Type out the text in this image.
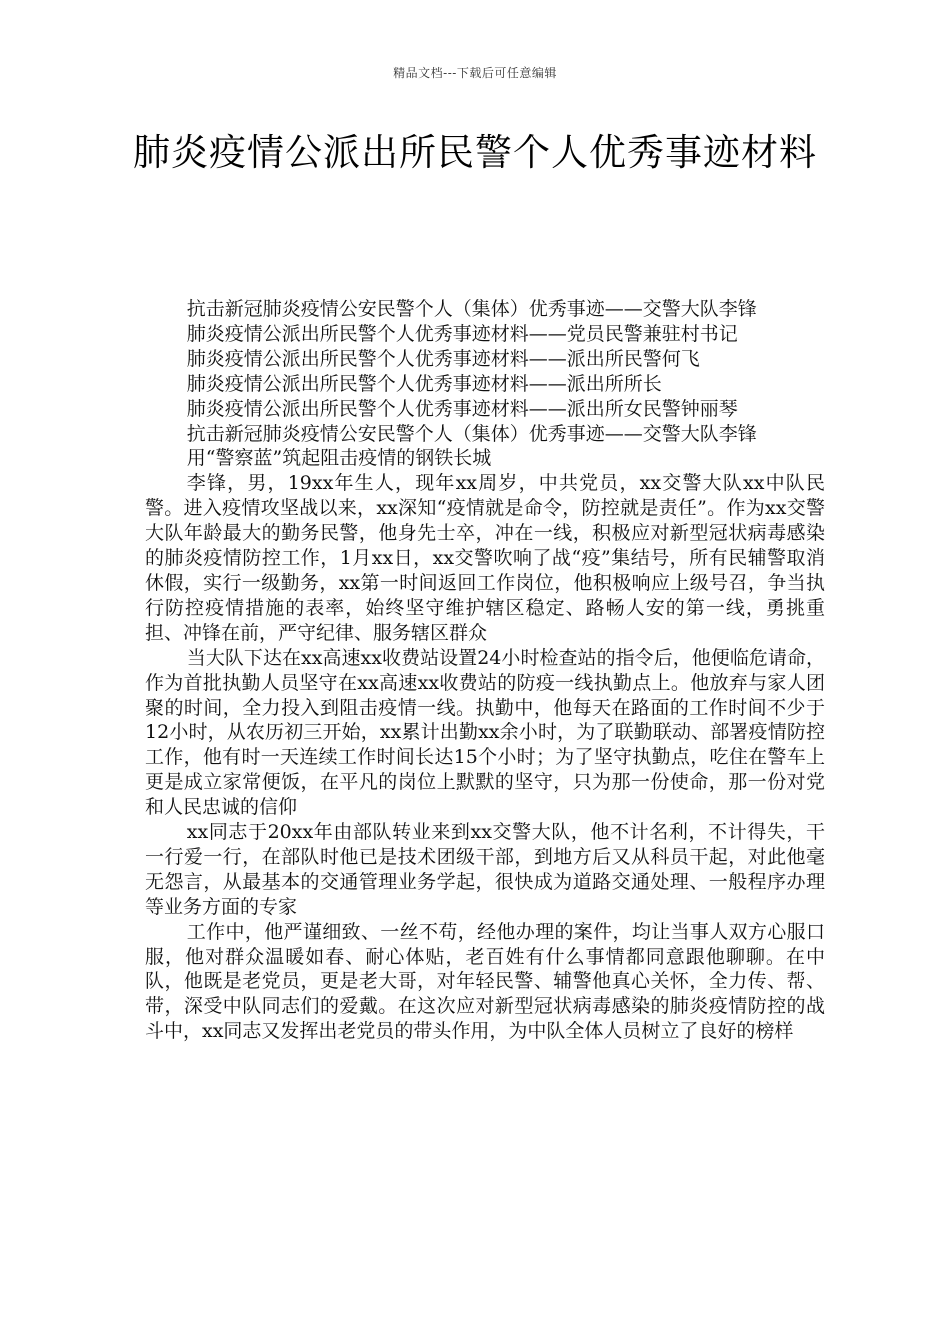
精品文档---下载后可任意编辑
肺炎疫情公派出所民警个人优秀事迹材料

抗击新冠肺炎疫情公安民警个人（集体）优秀事迹——交警大队李锋

肺炎疫情公派出所民警个人优秀事迹材料——党员民警兼驻村书记

肺炎疫情公派出所民警个人优秀事迹材料——派出所民警何飞

肺炎疫情公派出所民警个人优秀事迹材料——派出所所长

肺炎疫情公派出所民警个人优秀事迹材料——派出所女民警钟丽琴

抗击新冠肺炎疫情公安民警个人（集体）优秀事迹——交警大队李锋

用“警察蓝”筑起阻击疫情的钢铁长城

李锋，男，19xx年生人，现年xx周岁，中共党员，xx交警大队xx中队民警。进入疫情攻坚战以来，xx深知“疫情就是命令，防控就是责任”。作为xx交警大队年龄最大的勤务民警，他身先士卒，冲在一线，积极应对新型冠状病毒感染的肺炎疫情防控工作，1月xx日，xx交警吹响了战“疫”集结号，所有民辅警取消休假，实行一级勤务，xx第一时间返回工作岗位，他积极响应上级号召，争当执行防控疫情措施的表率，始终坚守维护辖区稳定、路畅人安的第一线，勇挑重担、冲锋在前，严守纪律、服务辖区群众

当大队下达在xx高速xx收费站设置24小时检查站的指令后，他便临危请命，作为首批执勤人员坚守在xx高速xx收费站的防疫一线执勤点上。他放弃与家人团聚的时间，全力投入到阻击疫情一线。执勤中，他每天在路面的工作时间不少于12小时，从农历初三开始，xx累计出勤xx余小时，为了联勤联动、部署疫情防控工作，他有时一天连续工作时间长达15个小时；为了坚守执勤点，吃住在警车上更是成立家常便饭，在平凡的岗位上默默的坚守，只为那一份使命，那一份对党和人民忠诚的信仰

xx同志于20xx年由部队转业来到xx交警大队，他不计名利，不计得失，干一行爱一行，在部队时他已是技术团级干部，到地方后又从科员干起，对此他毫无怨言，从最基本的交通管理业务学起，很快成为道路交通处理、一般程序办理等业务方面的专家

工作中，他严谨细致、一丝不苟，经他办理的案件，均让当事人双方心服口服，他对群众温暖如春、耐心体贴，老百姓有什么事情都同意跟他聊聊。在中队，他既是老党员，更是老大哥，对年轻民警、辅警他真心关怀，全力传、帮、带，深受中队同志们的爱戴。在这次应对新型冠状病毒感染的肺炎疫情防控的战斗中，xx同志又发挥出老党员的带头作用，为中队全体人员树立了良好的榜样
